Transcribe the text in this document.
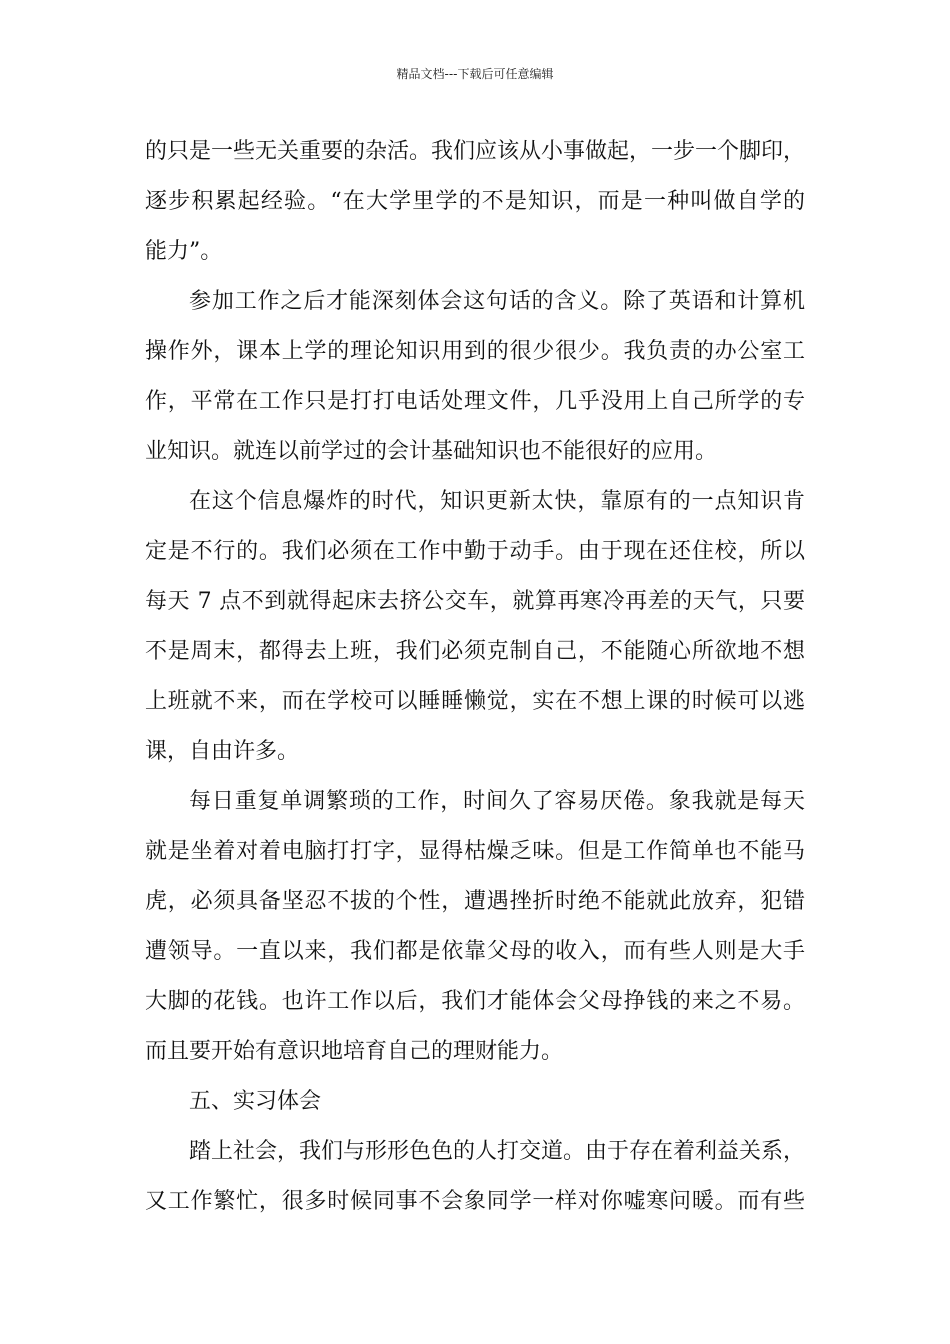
精品文档---下载后可任意编辑
的只是一些无关重要的杂活。我们应该从小事做起，一步一个脚印，
逐步积累起经验。“在大学里学的不是知识，而是一种叫做自学的
能力”。
参加工作之后才能深刻体会这句话的含义。除了英语和计算机
操作外，课本上学的理论知识用到的很少很少。我负责的办公室工
作，平常在工作只是打打电话处理文件，几乎没用上自己所学的专
业知识。就连以前学过的会计基础知识也不能很好的应用。
在这个信息爆炸的时代，知识更新太快，靠原有的一点知识肯
定是不行的。我们必须在工作中勤于动手。由于现在还住校，所以
每天 7 点不到就得起床去挤公交车，就算再寒冷再差的天气，只要
不是周末，都得去上班，我们必须克制自己，不能随心所欲地不想
上班就不来，而在学校可以睡睡懒觉，实在不想上课的时候可以逃
课，自由许多。
每日重复单调繁琐的工作，时间久了容易厌倦。象我就是每天
就是坐着对着电脑打打字，显得枯燥乏味。但是工作简单也不能马
虎，必须具备坚忍不拔的个性，遭遇挫折时绝不能就此放弃，犯错
遭领导。一直以来，我们都是依靠父母的收入，而有些人则是大手
大脚的花钱。也许工作以后，我们才能体会父母挣钱的来之不易。
而且要开始有意识地培育自己的理财能力。
五、实习体会
踏上社会，我们与形形色色的人打交道。由于存在着利益关系，
又工作繁忙，很多时候同事不会象同学一样对你嘘寒问暖。而有些
